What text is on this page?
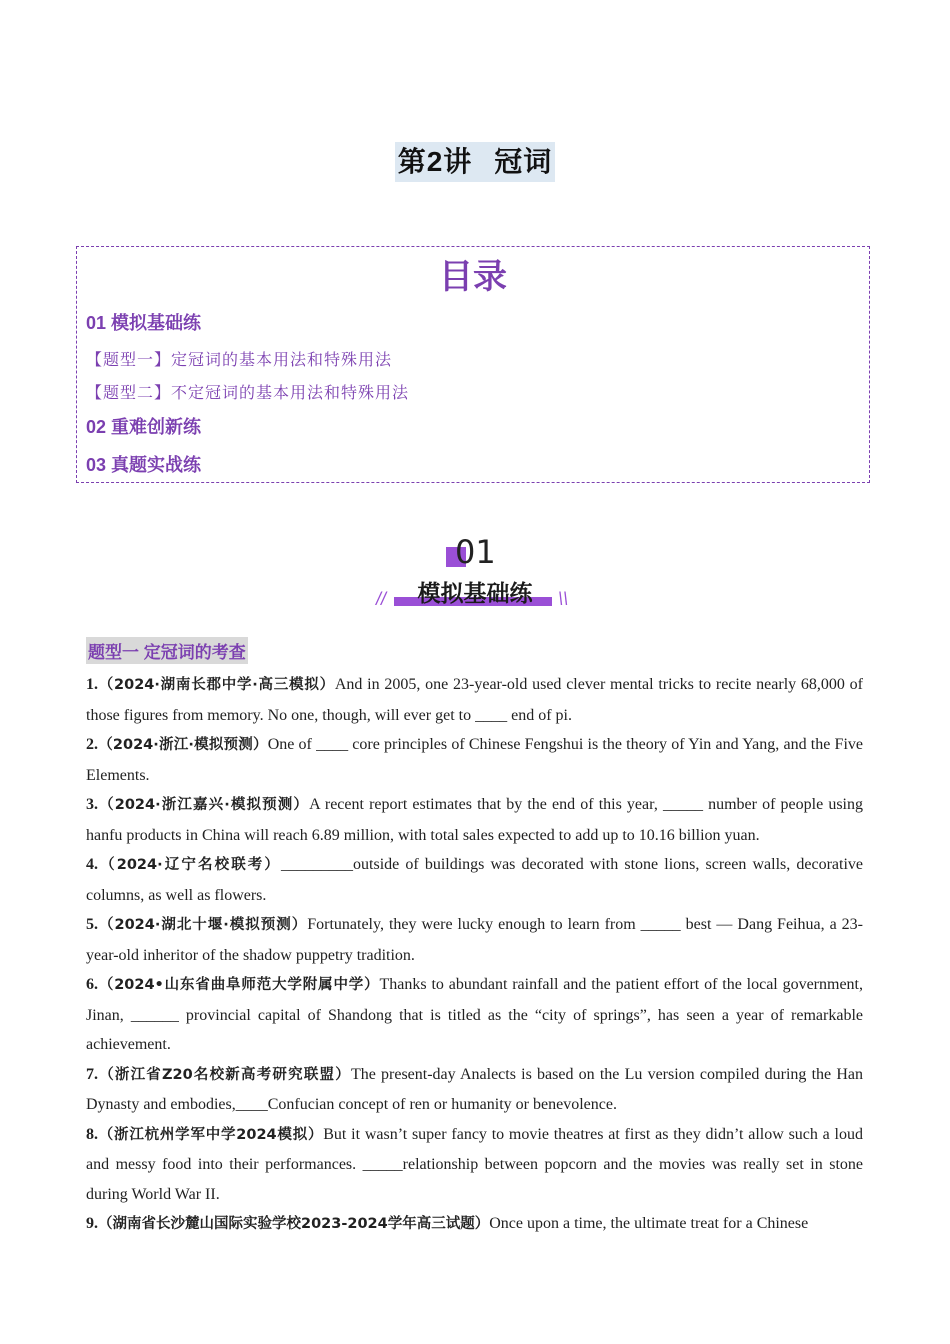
第2讲 冠词
目录
01 模拟基础练
【题型一】定冠词的基本用法和特殊用法
【题型二】不定冠词的基本用法和特殊用法
02 重难创新练
03 真题实战练
01
模拟基础练
//	\\
题型一 定冠词的考查

1.（2024·湖南长郡中学·高三模拟）And in 2005, one 23-year-old used clever mental tricks to recite nearly 68,000 of those figures from memory. No one, though, will ever get to ____ end of pi.

2.（2024·浙江·模拟预测）One of ____ core principles of Chinese Fengshui is the theory of Yin and Yang, and the Five Elements.

3.（2024·浙江嘉兴·模拟预测）A recent report estimates that by the end of this year, _____ number of people using hanfu products in China will reach 6.89 million, with total sales expected to add up to 10.16 billion yuan.

4.（2024·辽宁名校联考）_________outside of buildings was decorated with stone lions, screen walls, decorative columns, as well as flowers.

5.（2024·湖北十堰·模拟预测）Fortunately, they were lucky enough to learn from _____ best — Dang Feihua, a 23-year-old inheritor of the shadow puppetry tradition.

6.（2024•山东省曲阜师范大学附属中学）Thanks to abundant rainfall and the patient effort of the local government, Jinan, ______ provincial capital of Shandong that is titled as the “city of springs”, has seen a year of remarkable achievement.

7.（浙江省Z20名校新高考研究联盟）The present-day Analects is based on the Lu version compiled during the Han Dynasty and embodies,____Confucian concept of ren or humanity or benevolence.

8.（浙江杭州学军中学2024模拟）But it wasn’t super fancy to movie theatres at first as they didn’t allow such a loud and messy food into their performances. _____relationship between popcorn and the movies was really set in stone during World War II.

9.（湖南省长沙麓山国际实验学校2023-2024学年高三试题）Once upon a time, the ultimate treat for a Chinese
